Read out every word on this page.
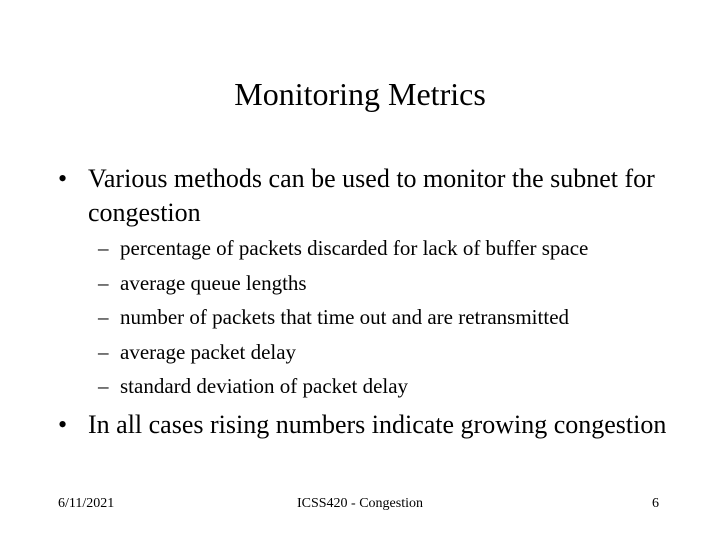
Monitoring Metrics
• Various methods can be used to monitor the subnet for congestion
– percentage of packets discarded for lack of buffer space
– average queue lengths
– number of packets that time out and are retransmitted
– average packet delay
– standard deviation of packet delay
• In all cases rising numbers indicate growing congestion
6/11/2021	ICSS420 - Congestion	6
